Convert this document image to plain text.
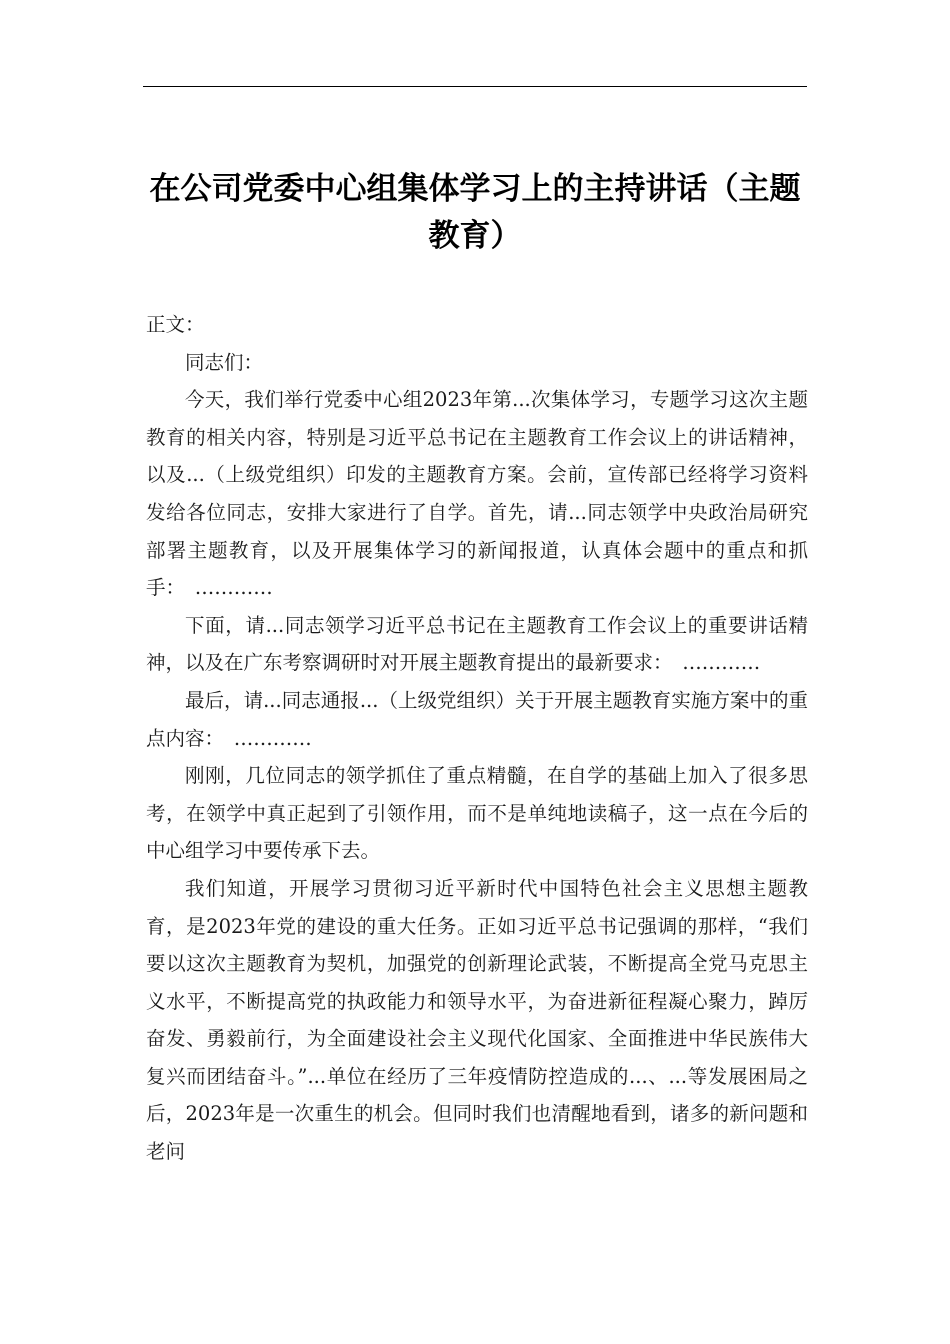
在公司党委中心组集体学习上的主持讲话（主题教育）

正文：

同志们：

今天，我们举行党委中心组2023年第...次集体学习，专题学习这次主题教育的相关内容，特别是习近平总书记在主题教育工作会议上的讲话精神，以及...（上级党组织）印发的主题教育方案。会前，宣传部已经将学习资料发给各位同志，安排大家进行了自学。首先，请...同志领学中央政治局研究部署主题教育，以及开展集体学习的新闻报道，认真体会题中的重点和抓手：　…………

下面，请...同志领学习近平总书记在主题教育工作会议上的重要讲话精神，以及在广东考察调研时对开展主题教育提出的最新要求：　…………

最后，请...同志通报...（上级党组织）关于开展主题教育实施方案中的重点内容：　…………

刚刚，几位同志的领学抓住了重点精髓，在自学的基础上加入了很多思考，在领学中真正起到了引领作用，而不是单纯地读稿子，这一点在今后的中心组学习中要传承下去。

我们知道，开展学习贯彻习近平新时代中国特色社会主义思想主题教育，是2023年党的建设的重大任务。正如习近平总书记强调的那样，“我们要以这次主题教育为契机，加强党的创新理论武装，不断提高全党马克思主义水平，不断提高党的执政能力和领导水平，为奋进新征程凝心聚力，踔厉奋发、勇毅前行，为全面建设社会主义现代化国家、全面推进中华民族伟大复兴而团结奋斗。”...单位在经历了三年疫情防控造成的...、...等发展困局之后，2023年是一次重生的机会。但同时我们也清醒地看到，诸多的新问题和老问
